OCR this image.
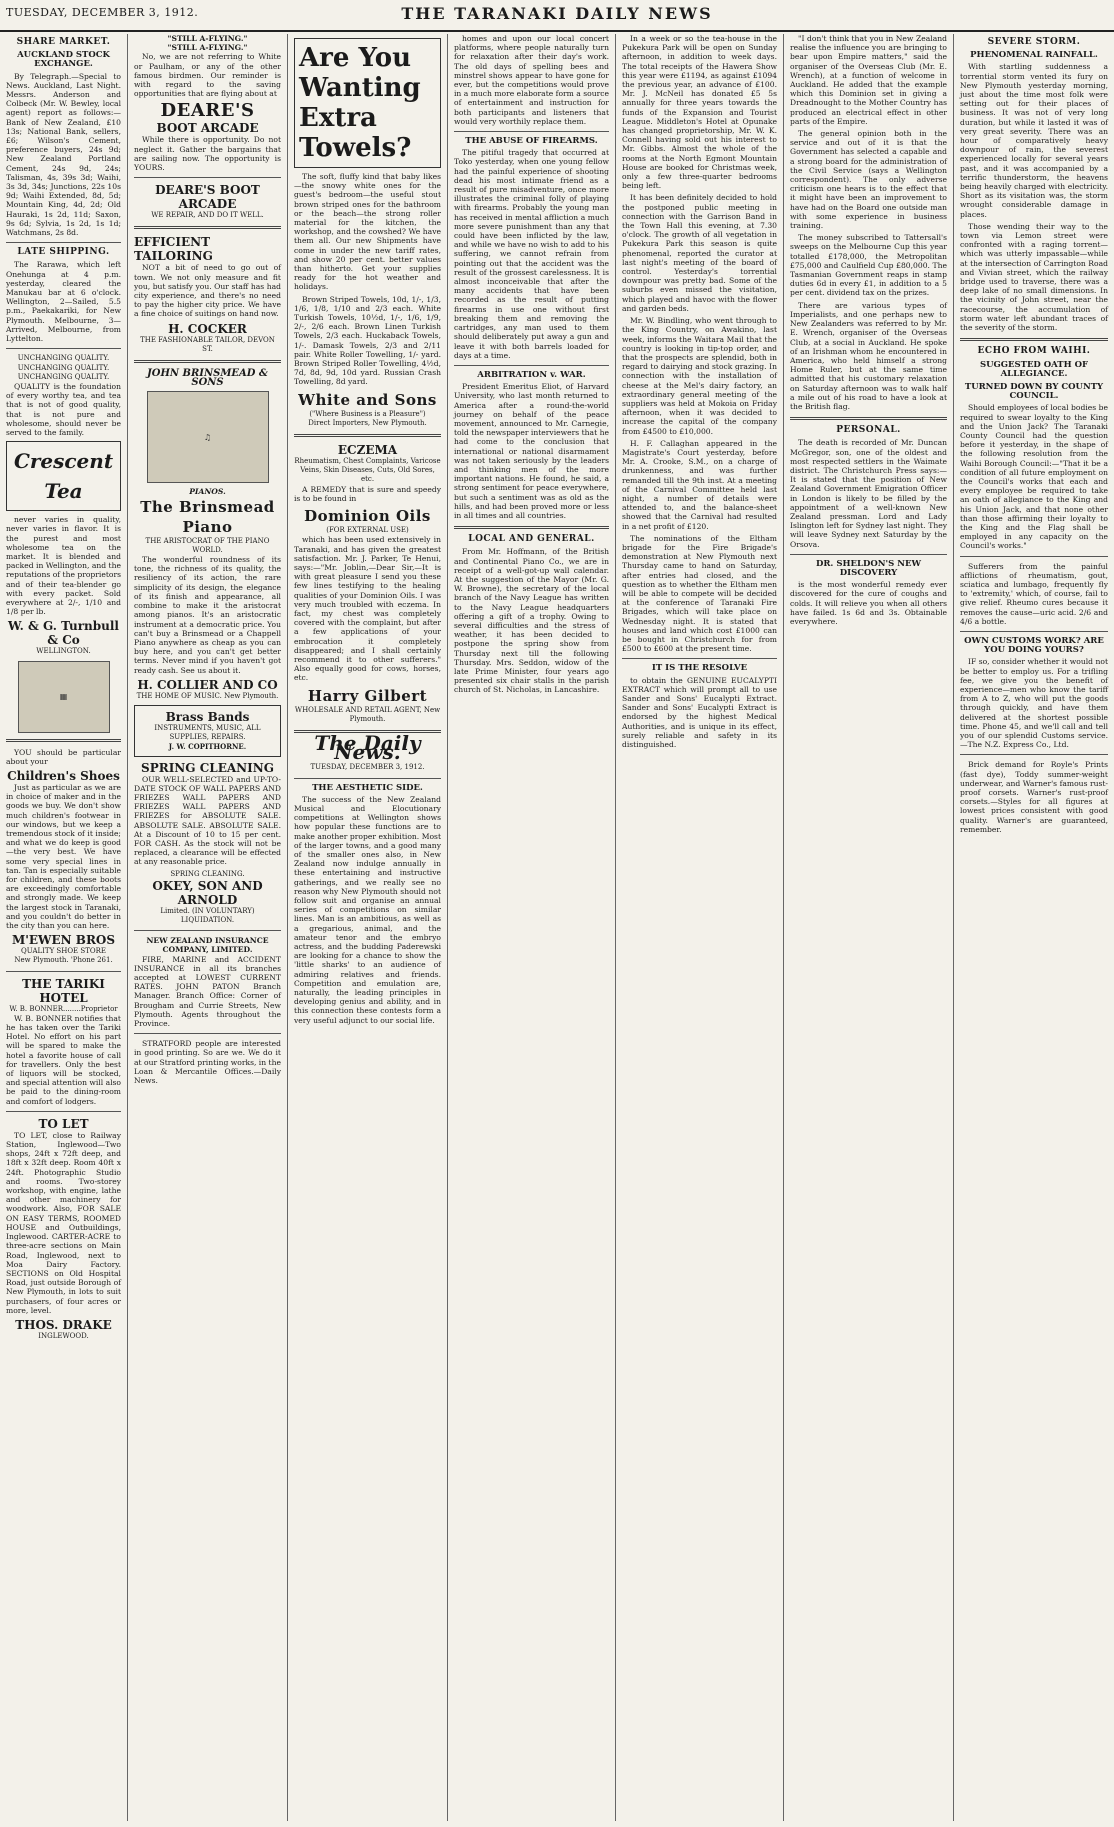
TUESDAY, DECEMBER 3, 1912.	THE TARANAKI DAILY NEWS
SHARE MARKET.
AUCKLAND STOCK EXCHANGE.

By Telegraph.—Special to News. Auckland, Last Night. Messrs. Anderson and Colbeck (Mr. W. Bewley, local agent) report as follows:—Bank of New Zealand, £10 13s; National Bank, sellers, £6; Wilson's Cement, preference buyers, 24s 9d; New Zealand Portland Cement, 24s 9d, 24s; Talisman, 4s, 39s 3d; Waihi, 3s 3d, 34s; Junctions, 22s 10s 9d; Waihi Extended, 8d, 5d; Mountain King, 4d, 2d; Old Hauraki, 1s 2d, 11d; Saxon, 9s 6d; Sylvia, 1s 2d, 1s 1d; Watchmans, 2s 8d.

LATE SHIPPING.

The Rarawa, which left Onehunga at 4 p.m. yesterday, cleared the Manukau bar at 6 o'clock. Wellington, 2—Sailed, 5.5 p.m., Paekakariki, for New Plymouth. Melbourne, 3—Arrived, Melbourne, from Lyttelton.

UNCHANGING QUALITY.
UNCHANGING QUALITY.
UNCHANGING QUALITY.

QUALITY is the foundation of every worthy tea, and tea that is not of good quality, that is not pure and wholesome, should never be served to the family.

Crescent Tea

never varies in quality, never varies in flavor. It is the purest and most wholesome tea on the market. It is blended and packed in Wellington, and the reputations of the proprietors and of their tea-blender go with every packet. Sold everywhere at 2/-, 1/10 and 1/8 per lb.

W. & G. Turnbull & Co
WELLINGTON.
▦

YOU should be particular about your

Children's Shoes

Just as particular as we are in choice of maker and in the goods we buy. We don't show much children's footwear in our windows, but we keep a tremendous stock of it inside; and what we do keep is good—the very best. We have some very special lines in tan. Tan is especially suitable for children, and these boots are exceedingly comfortable and strongly made. We keep the largest stock in Taranaki, and you couldn't do better in the city than you can here.

M'EWEN BROS
QUALITY SHOE STORE
New Plymouth. 'Phone 261.
THE TARIKI HOTEL
W. B. BONNER........Proprietor

W. B. BONNER notifies that he has taken over the Tariki Hotel. No effort on his part will be spared to make the hotel a favorite house of call for travellers. Only the best of liquors will be stocked, and special attention will also be paid to the dining-room and comfort of lodgers.

TO LET

TO LET, close to Railway Station, Inglewood—Two shops, 24ft x 72ft deep, and 18ft x 32ft deep. Room 40ft x 24ft. Photographic Studio and rooms. Two-storey workshop, with engine, lathe and other machinery for woodwork. Also, FOR SALE ON EASY TERMS, ROOMED HOUSE and Outbuildings, Inglewood. CARTER-ACRE to three-acre sections on Main Road, Inglewood, next to Moa Dairy Factory. SECTIONS on Old Hospital Road, just outside Borough of New Plymouth, in lots to suit purchasers, of four acres or more, level.

THOS. DRAKE
INGLEWOOD.
"STILL A-FLYING."
"STILL A-FLYING."

No, we are not referring to White or Paulham, or any of the other famous birdmen. Our reminder is with regard to the saving opportunities that are flying about at

DEARE'S
BOOT ARCADE

While there is opportunity. Do not neglect it. Gather the bargains that are sailing now. The opportunity is YOURS.

DEARE'S BOOT ARCADE
WE REPAIR, AND DO IT WELL.
EFFICIENT TAILORING

NOT a bit of need to go out of town. We not only measure and fit you, but satisfy you. Our staff has had city experience, and there's no need to pay the higher city price. We have a fine choice of suitings on hand now.

H. COCKER
THE FASHIONABLE TAILOR, DEVON ST.
JOHN BRINSMEAD & SONS
♫
PIANOS.
The Brinsmead Piano
THE ARISTOCRAT OF THE PIANO WORLD.

The wonderful roundness of its tone, the richness of its quality, the resiliency of its action, the rare simplicity of its design, the elegance of its finish and appearance, all combine to make it the aristocrat among pianos. It's an aristocratic instrument at a democratic price. You can't buy a Brinsmead or a Chappell Piano anywhere as cheap as you can buy here, and you can't get better terms. Never mind if you haven't got ready cash. See us about it.

H. COLLIER AND CO
THE HOME OF MUSIC. New Plymouth.
Brass Bands
INSTRUMENTS, MUSIC, ALL SUPPLIES, REPAIRS.
J. W. COPITHORNE.
SPRING CLEANING

OUR WELL-SELECTED and UP-TO-DATE STOCK OF WALL PAPERS AND FRIEZES WALL PAPERS AND FRIEZES WALL PAPERS AND FRIEZES for ABSOLUTE SALE. ABSOLUTE SALE. ABSOLUTE SALE. At a Discount of 10 to 15 per cent. FOR CASH. As the stock will not be replaced, a clearance will be effected at any reasonable price.

SPRING CLEANING.
OKEY, SON AND ARNOLD
Limited. (IN VOLUNTARY) LIQUIDATION.
NEW ZEALAND INSURANCE COMPANY, LIMITED.

FIRE, MARINE and ACCIDENT INSURANCE in all its branches accepted at LOWEST CURRENT RATES. JOHN PATON Branch Manager. Branch Office: Corner of Brougham and Currie Streets, New Plymouth. Agents throughout the Province.

STRATFORD people are interested in good printing. So are we. We do it at our Stratford printing works, in the Loan & Mercantile Offices.—Daily News.

Are You
Wanting
Extra
Towels?

The soft, fluffy kind that baby likes—the snowy white ones for the guest's bedroom—the useful stout brown striped ones for the bathroom or the beach—the strong roller material for the kitchen, the workshop, and the cowshed? We have them all. Our new Shipments have come in under the new tariff rates, and show 20 per cent. better values than hitherto. Get your supplies ready for the hot weather and holidays.

Brown Striped Towels, 10d, 1/-, 1/3, 1/6, 1/8, 1/10 and 2/3 each. White Turkish Towels, 10½d, 1/-, 1/6, 1/9, 2/-, 2/6 each. Brown Linen Turkish Towels, 2/3 each. Huckaback Towels, 1/-. Damask Towels, 2/3 and 2/11 pair. White Roller Towelling, 1/- yard. Brown Striped Roller Towelling, 4½d, 7d, 8d, 9d, 10d yard. Russian Crash Towelling, 8d yard.

White and Sons
("Where Business is a Pleasure")
Direct Importers, New Plymouth.
ECZEMA
Rheumatism, Chest Complaints, Varicose Veins, Skin Diseases, Cuts, Old Sores, etc.

A REMEDY that is sure and speedy is to be found in

Dominion Oils
(FOR EXTERNAL USE)

which has been used extensively in Taranaki, and has given the greatest satisfaction. Mr. J. Parker, Te Henui, says:—"Mr. Joblin,—Dear Sir,—It is with great pleasure I send you these few lines testifying to the healing qualities of your Dominion Oils. I was very much troubled with eczema. In fact, my chest was completely covered with the complaint, but after a few applications of your embrocation it completely disappeared; and I shall certainly recommend it to other sufferers." Also equally good for cows, horses, etc.

Harry Gilbert
WHOLESALE AND RETAIL AGENT, New Plymouth.
The Daily News.
TUESDAY, DECEMBER 3, 1912.
THE AESTHETIC SIDE.

The success of the New Zealand Musical and Elocutionary competitions at Wellington shows how popular these functions are to make another proper exhibition. Most of the larger towns, and a good many of the smaller ones also, in New Zealand now indulge annually in these entertaining and instructive gatherings, and we really see no reason why New Plymouth should not follow suit and organise an annual series of competitions on similar lines. Man is an ambitious, as well as a gregarious, animal, and the amateur tenor and the embryo actress, and the budding Paderewski are looking for a chance to show the 'little sharks' to an audience of admiring relatives and friends. Competition and emulation are, naturally, the leading principles in developing genius and ability, and in this connection these contests form a very useful adjunct to our social life.

homes and upon our local concert platforms, where people naturally turn for relaxation after their day's work. The old days of spelling bees and minstrel shows appear to have gone for ever, but the competitions would prove in a much more elaborate form a source of entertainment and instruction for both participants and listeners that would very worthily replace them.

THE ABUSE OF FIREARMS.

The pitiful tragedy that occurred at Toko yesterday, when one young fellow had the painful experience of shooting dead his most intimate friend as a result of pure misadventure, once more illustrates the criminal folly of playing with firearms. Probably the young man has received in mental affliction a much more severe punishment than any that could have been inflicted by the law, and while we have no wish to add to his suffering, we cannot refrain from pointing out that the accident was the result of the grossest carelessness. It is almost inconceivable that after the many accidents that have been recorded as the result of putting firearms in use one without first breaking them and removing the cartridges, any man used to them should deliberately put away a gun and leave it with both barrels loaded for days at a time.

ARBITRATION v. WAR.

President Emeritus Eliot, of Harvard University, who last month returned to America after a round-the-world journey on behalf of the peace movement, announced to Mr. Carnegie, told the newspaper interviewers that he had come to the conclusion that international or national disarmament was not taken seriously by the leaders and thinking men of the more important nations. He found, he said, a strong sentiment for peace everywhere, but such a sentiment was as old as the hills, and had been proved more or less in all times and all countries.

LOCAL AND GENERAL.

From Mr. Hoffmann, of the British and Continental Piano Co., we are in receipt of a well-got-up wall calendar. At the suggestion of the Mayor (Mr. G. W. Browne), the secretary of the local branch of the Navy League has written to the Navy League headquarters offering a gift of a trophy. Owing to several difficulties and the stress of weather, it has been decided to postpone the spring show from Thursday next till the following Thursday. Mrs. Seddon, widow of the late Prime Minister, four years ago presented six chair stalls in the parish church of St. Nicholas, in Lancashire.

In a week or so the tea-house in the Pukekura Park will be open on Sunday afternoon, in addition to week days. The total receipts of the Hawera Show this year were £1194, as against £1094 the previous year, an advance of £100. Mr. J. McNeil has donated £5 5s annually for three years towards the funds of the Expansion and Tourist League. Middleton's Hotel at Opunake has changed proprietorship, Mr. W. K. Connell having sold out his interest to Mr. Gibbs. Almost the whole of the rooms at the North Egmont Mountain House are booked for Christmas week, only a few three-quarter bedrooms being left.

It has been definitely decided to hold the postponed public meeting in connection with the Garrison Band in the Town Hall this evening, at 7.30 o'clock. The growth of all vegetation in Pukekura Park this season is quite phenomenal, reported the curator at last night's meeting of the board of control. Yesterday's torrential downpour was pretty bad. Some of the suburbs even missed the visitation, which played and havoc with the flower and garden beds.

Mr. W. Bindling, who went through to the King Country, on Awakino, last week, informs the Waitara Mail that the country is looking in tip-top order, and that the prospects are splendid, both in regard to dairying and stock grazing. In connection with the installation of cheese at the Mel's dairy factory, an extraordinary general meeting of the suppliers was held at Mokoia on Friday afternoon, when it was decided to increase the capital of the company from £4500 to £10,000.

H. F. Callaghan appeared in the Magistrate's Court yesterday, before Mr. A. Crooke, S.M., on a charge of drunkenness, and was further remanded till the 9th inst. At a meeting of the Carnival Committee held last night, a number of details were attended to, and the balance-sheet showed that the Carnival had resulted in a net profit of £120.

The nominations of the Eltham brigade for the Fire Brigade's demonstration at New Plymouth next Thursday came to hand on Saturday, after entries had closed, and the question as to whether the Eltham men will be able to compete will be decided at the conference of Taranaki Fire Brigades, which will take place on Wednesday night. It is stated that houses and land which cost £1000 can be bought in Christchurch for from £500 to £600 at the present time.

IT IS THE RESOLVE

to obtain the GENUINE EUCALYPTI EXTRACT which will prompt all to use Sander and Sons' Eucalypti Extract. Sander and Sons' Eucalypti Extract is endorsed by the highest Medical Authorities, and is unique in its effect, surely reliable and safety in its distinguished.

"I don't think that you in New Zealand realise the influence you are bringing to bear upon Empire matters," said the organiser of the Overseas Club (Mr. E. Wrench), at a function of welcome in Auckland. He added that the example which this Dominion set in giving a Dreadnought to the Mother Country has produced an electrical effect in other parts of the Empire.

The general opinion both in the service and out of it is that the Government has selected a capable and a strong board for the administration of the Civil Service (says a Wellington correspondent). The only adverse criticism one hears is to the effect that it might have been an improvement to have had on the Board one outside man with some experience in business training.

The money subscribed to Tattersall's sweeps on the Melbourne Cup this year totalled £178,000, the Metropolitan £75,000 and Caulfield Cup £80,000. The Tasmanian Government reaps in stamp duties 6d in every £1, in addition to a 5 per cent. dividend tax on the prizes.

There are various types of Imperialists, and one perhaps new to New Zealanders was referred to by Mr. E. Wrench, organiser of the Overseas Club, at a social in Auckland. He spoke of an Irishman whom he encountered in America, who held himself a strong Home Ruler, but at the same time admitted that his customary relaxation on Saturday afternoon was to walk half a mile out of his road to have a look at the British flag.

PERSONAL.

The death is recorded of Mr. Duncan McGregor, son, one of the oldest and most respected settlers in the Waimate district. The Christchurch Press says:—It is stated that the position of New Zealand Government Emigration Officer in London is likely to be filled by the appointment of a well-known New Zealand pressman. Lord and Lady Islington left for Sydney last night. They will leave Sydney next Saturday by the Orsova.

DR. SHELDON'S NEW DISCOVERY

is the most wonderful remedy ever discovered for the cure of coughs and colds. It will relieve you when all others have failed. 1s 6d and 3s. Obtainable everywhere.

SEVERE STORM.
PHENOMENAL RAINFALL.

With startling suddenness a torrential storm vented its fury on New Plymouth yesterday morning, just about the time most folk were setting out for their places of business. It was not of very long duration, but while it lasted it was of very great severity. There was an hour of comparatively heavy downpour of rain, the severest experienced locally for several years past, and it was accompanied by a terrific thunderstorm, the heavens being heavily charged with electricity. Short as its visitation was, the storm wrought considerable damage in places.

Those wending their way to the town via Lemon street were confronted with a raging torrent—which was utterly impassable—while at the intersection of Carrington Road and Vivian street, which the railway bridge used to traverse, there was a deep lake of no small dimensions. In the vicinity of John street, near the racecourse, the accumulation of storm water left abundant traces of the severity of the storm.

ECHO FROM WAIHI.
SUGGESTED OATH OF ALLEGIANCE.
TURNED DOWN BY COUNTY COUNCIL.

Should employees of local bodies be required to swear loyalty to the King and the Union Jack? The Taranaki County Council had the question before it yesterday, in the shape of the following resolution from the Waihi Borough Council:—"That it be a condition of all future employment on the Council's works that each and every employee be required to take an oath of allegiance to the King and his Union Jack, and that none other than those affirming their loyalty to the King and the Flag shall be employed in any capacity on the Council's works."

Sufferers from the painful afflictions of rheumatism, gout, sciatica and lumbago, frequently fly to 'extremity,' which, of course, fail to give relief. Rheumo cures because it removes the cause—uric acid. 2/6 and 4/6 a bottle.

OWN CUSTOMS WORK? ARE YOU DOING YOURS?

IF so, consider whether it would not be better to employ us. For a trifling fee, we give you the benefit of experience—men who know the tariff from A to Z, who will put the goods through quickly, and have them delivered at the shortest possible time. Phone 45, and we'll call and tell you of our splendid Customs service.—The N.Z. Express Co., Ltd.

Brick demand for Royle's Prints (fast dye), Toddy summer-weight underwear, and Warner's famous rust-proof corsets. Warner's rust-proof corsets.—Styles for all figures at lowest prices consistent with good quality. Warner's are guaranteed, remember.
